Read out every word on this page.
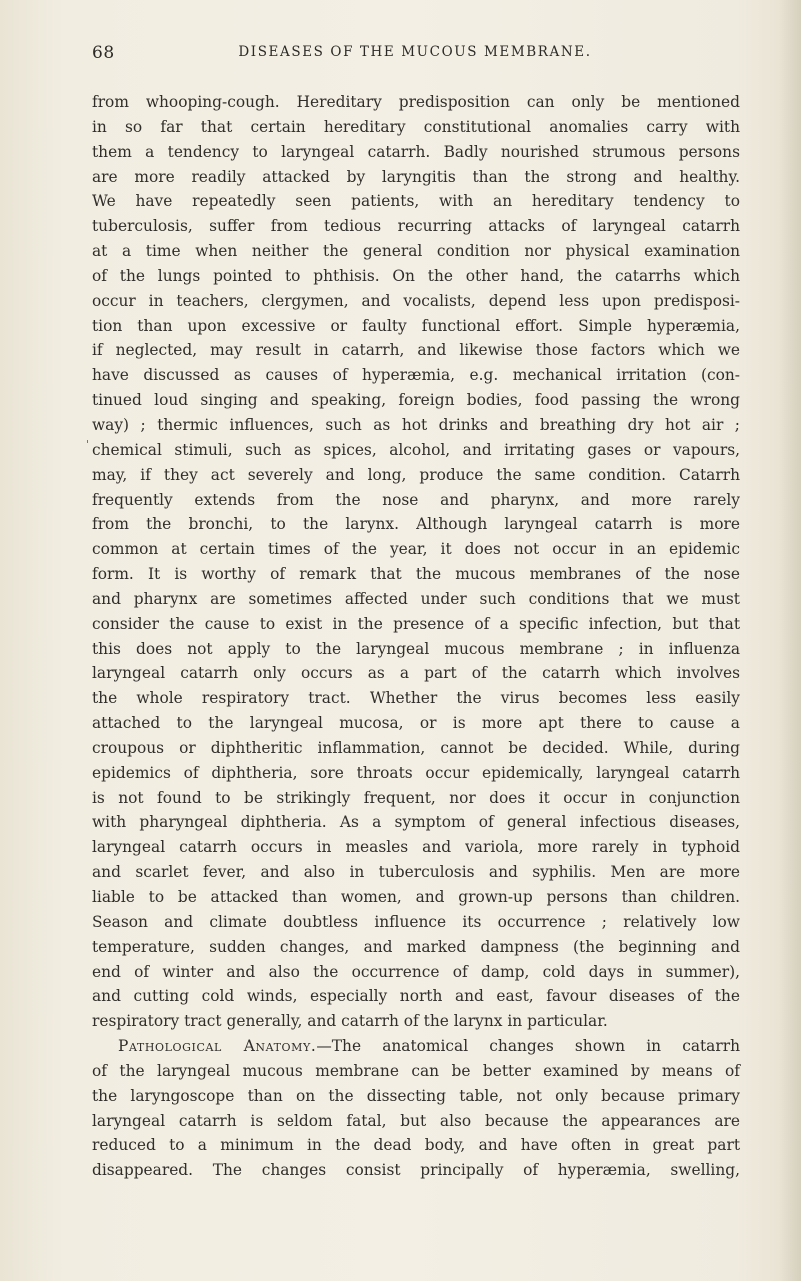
68	DISEASES OF THE MUCOUS MEMBRANE.
from whooping-cough. Hereditary predisposition can only be mentioned
in so far that certain hereditary constitutional anomalies carry with
them a tendency to laryngeal catarrh. Badly nourished strumous persons
are more readily attacked by laryngitis than the strong and healthy.
We have repeatedly seen patients, with an hereditary tendency to
tuberculosis, suffer from tedious recurring attacks of laryngeal catarrh
at a time when neither the general condition nor physical examination
of the lungs pointed to phthisis. On the other hand, the catarrhs which
occur in teachers, clergymen, and vocalists, depend less upon predisposi-
tion than upon excessive or faulty functional effort. Simple hyperæmia,
if neglected, may result in catarrh, and likewise those factors which we
have discussed as causes of hyperæmia, e.g. mechanical irritation (con-
tinued loud singing and speaking, foreign bodies, food passing the wrong
way) ; thermic influences, such as hot drinks and breathing dry hot air ;
chemical stimuli, such as spices, alcohol, and irritating gases or vapours,
may, if they act severely and long, produce the same condition. Catarrh
frequently extends from the nose and pharynx, and more rarely
from the bronchi, to the larynx. Although laryngeal catarrh is more
common at certain times of the year, it does not occur in an epidemic
form. It is worthy of remark that the mucous membranes of the nose
and pharynx are sometimes affected under such conditions that we must
consider the cause to exist in the presence of a specific infection, but that
this does not apply to the laryngeal mucous membrane ; in influenza
laryngeal catarrh only occurs as a part of the catarrh which involves
the whole respiratory tract. Whether the virus becomes less easily
attached to the laryngeal mucosa, or is more apt there to cause a
croupous or diphtheritic inflammation, cannot be decided. While, during
epidemics of diphtheria, sore throats occur epidemically, laryngeal catarrh
is not found to be strikingly frequent, nor does it occur in conjunction
with pharyngeal diphtheria. As a symptom of general infectious diseases,
laryngeal catarrh occurs in measles and variola, more rarely in typhoid
and scarlet fever, and also in tuberculosis and syphilis. Men are more
liable to be attacked than women, and grown-up persons than children.
Season and climate doubtless influence its occurrence ; relatively low
temperature, sudden changes, and marked dampness (the beginning and
end of winter and also the occurrence of damp, cold days in summer),
and cutting cold winds, especially north and east, favour diseases of the
respiratory tract generally, and catarrh of the larynx in particular.
Pathological Anatomy.—The anatomical changes shown in catarrh
of the laryngeal mucous membrane can be better examined by means of
the laryngoscope than on the dissecting table, not only because primary
laryngeal catarrh is seldom fatal, but also because the appearances are
reduced to a minimum in the dead body, and have often in great part
disappeared. The changes consist principally of hyperæmia, swelling,
'
